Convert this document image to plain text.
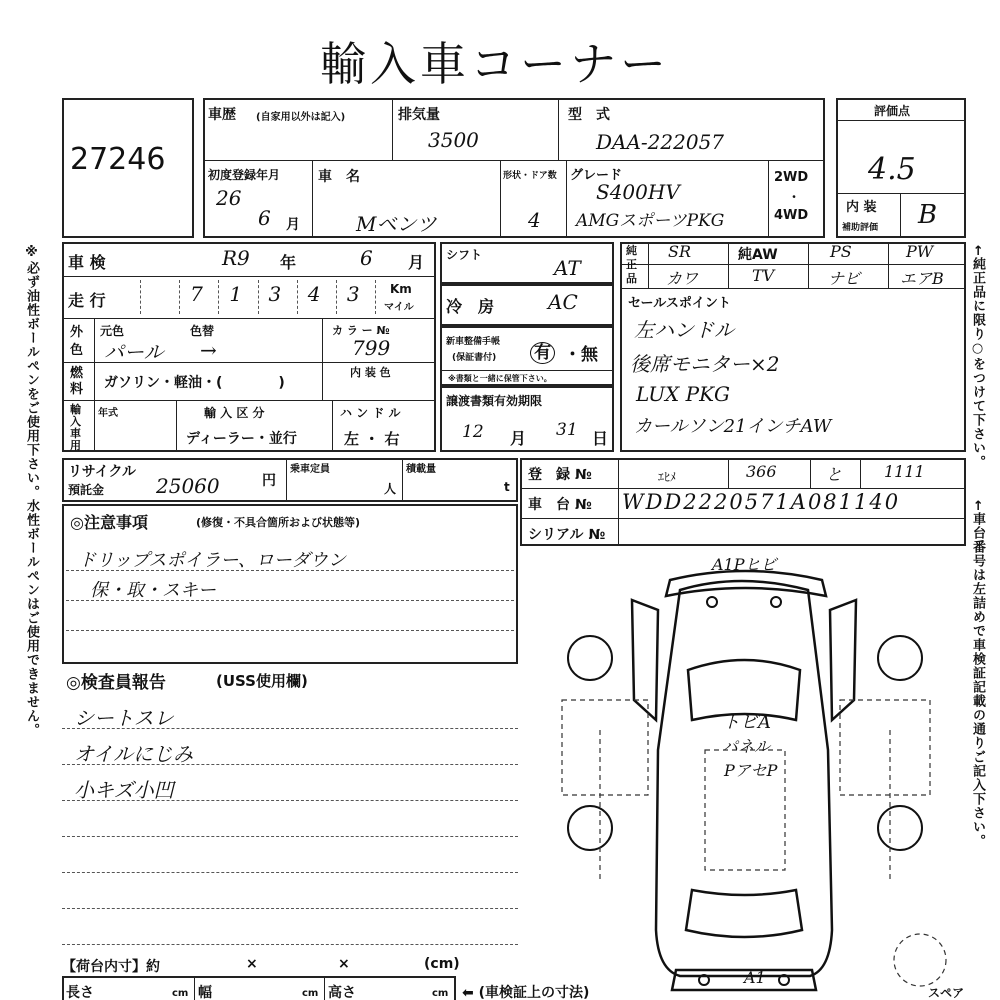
輸入車コーナー
※必ず油性ボールペンをご使用下さい。水性ボールペンはご使用できません。	←純正品に限り○をつけて下さい。
←車台番号は左詰めで車検証記載の通りご記入下さい。
27246
車歴 (自家用以外は記入)	排気量
3500
型　式
DAA-222057
初度登録年月
26
6 月
車　名
Mベンツ
形状・ドア数
4
グレード
S400HV
AMGスポーツPKG
2WD
・
4WD
評価点
4.5
内 装
補助評価 B
車 検	R9 年	6 月
走 行	7 1 3 4 3	Km
マイル
外色
元色	色替
パール →
カ ラ ー №
799
燃料 ガソリン・軽油・(　　　　)
内 装 色
輸入車用
年式	輸 入 区 分
ディーラー・並行
ハ ン ド ル
左 ・ 右
シフト
AT
冷　房	AC
新車整備手帳
(保証書付) 有 ・無
※書類と一緒に保管下さい。
譲渡書類有効期限
12 月 31 日
純正品
SR	純AW	PS	PW
カワ	TV	ナビ エアB
セールスポイント
左ハンドル
後席モニター×2
LUX PKG
カールソン21インチAW
リサイクル
預託金	25060	円
乗車定員
人
積載量
t
登　録 №	ｴﾋﾒ	366	と	1111
車　台 № WDD2220571A081140
シリアル №
◎注意事項	(修復・不具合箇所および状態等)
ドリップスポイラー、ローダウン
保・取・スキー
◎検査員報告	(USS使用欄)
シートスレ
オイルにじみ
小キズ小凹
【荷台内寸】約	×	×	(cm)
長さ	cm 幅	cm 高さ	cm ⬅ (車検証上の寸法)
A1Pヒビ
トビA
パネル
PアセP
A1
スペア
